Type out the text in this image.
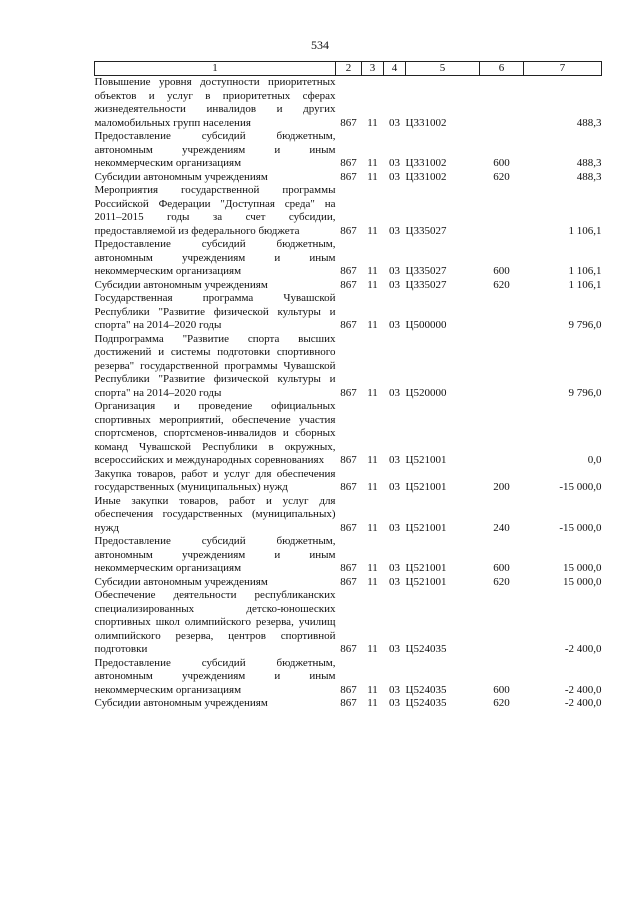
534
1	2	3	4	5	6	7
Повышение уровня доступности приоритетных объектов и услуг в приоритетных сферах жизнедеятельности инвалидов и других маломобильных групп населения	867	11	03	Ц331002		488,3
Предоставление субсидий бюджетным, автономным учреждениям и иным некоммерческим организациям	867	11	03	Ц331002	600	488,3
Субсидии автономным учреждениям	867	11	03	Ц331002	620	488,3
Мероприятия государственной программы Российской Федерации "Доступная среда" на 2011–2015 годы за счет субсидии, предоставляемой из федерального бюджета	867	11	03	Ц335027		1 106,1
Предоставление субсидий бюджетным, автономным учреждениям и иным некоммерческим организациям	867	11	03	Ц335027	600	1 106,1
Субсидии автономным учреждениям	867	11	03	Ц335027	620	1 106,1
Государственная программа Чувашской Республики "Развитие физической культуры и спорта" на 2014–2020 годы	867	11	03	Ц500000		9 796,0
Подпрограмма "Развитие спорта высших достижений и системы подготовки спортивного резерва" государственной программы Чувашской Республики "Развитие физической культуры и спорта" на 2014–2020 годы	867	11	03	Ц520000		9 796,0
Организация и проведение официальных спортивных мероприятий, обеспечение участия спортсменов, спортсменов-инвалидов и сборных команд Чувашской Республики в окружных, всероссийских и международных соревнованиях	867	11	03	Ц521001		0,0
Закупка товаров, работ и услуг для обеспечения государственных (муниципальных) нужд	867	11	03	Ц521001	200	-15 000,0
Иные закупки товаров, работ и услуг для обеспечения государственных (муниципальных) нужд	867	11	03	Ц521001	240	-15 000,0
Предоставление субсидий бюджетным, автономным учреждениям и иным некоммерческим организациям	867	11	03	Ц521001	600	15 000,0
Субсидии автономным учреждениям	867	11	03	Ц521001	620	15 000,0
Обеспечение деятельности республиканских специализированных детско-юношеских спортивных школ олимпийского резерва, училищ олимпийского резерва, центров спортивной подготовки	867	11	03	Ц524035		-2 400,0
Предоставление субсидий бюджетным, автономным учреждениям и иным некоммерческим организациям	867	11	03	Ц524035	600	-2 400,0
Субсидии автономным учреждениям	867	11	03	Ц524035	620	-2 400,0
